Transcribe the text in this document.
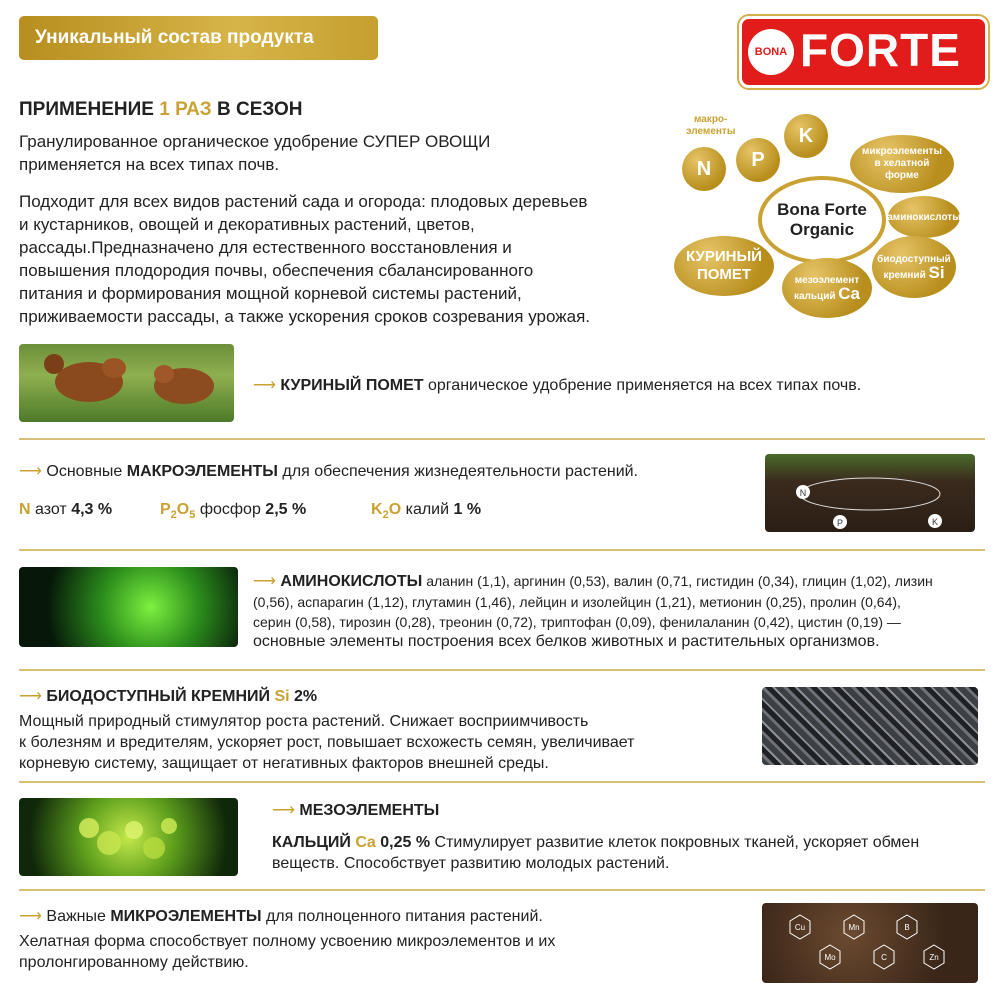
Уникальный состав продукта
BONA FORTE
ПРИМЕНЕНИЕ 1 РАЗ В СЕЗОН
Гранулированное органическое удобрение СУПЕР ОВОЩИ
применяется на всех типах почв.
Подходит для всех видов растений сада и огорода: плодовых деревьев
и кустарников, овощей и декоративных растений, цветов,
рассады.Предназначено для естественного восстановления и
повышения плодородия почвы, обеспечения сбалансированного
питания и формирования мощной корневой системы растений,
приживаемости рассады, а также ускорения сроков созревания урожая.
макро-
элементы
N	P
K
микроэлементы
в хелатной
форме
аминокислоты
Bona Forte
Organic
КУРИНЫЙ
ПОМЕТ	мезоэлемент
кальций Ca
биодоступный
кремний Si
⟶ КУРИНЫЙ ПОМЕТ органическое удобрение применяется на всех типах почв.
⟶ Основные МАКРОЭЛЕМЕНТЫ для обеспечения жизнедеятельности растений.
N азот 4,3 %	$P_2O_5$ фосфор 2,5 %	$K_2O$ калий 1 %
N
P	K
⟶ АМИНОКИСЛОТЫ аланин (1,1), аргинин (0,53), валин (0,71, гистидин (0,34), глицин (1,02), лизин
(0,56), аспарагин (1,12), глутамин (1,46), лейцин и изолейцин (1,21), метионин (0,25), пролин (0,64),
серин (0,58), тирозин (0,28), треонин (0,72), триптофан (0,09), фенилаланин (0,42), цистин (0,19) —
основные элементы построения всех белков животных и растительных организмов.
⟶ БИОДОСТУПНЫЙ КРЕМНИЙ Si 2%
Мощный природный стимулятор роста растений. Снижает восприимчивость
к болезням и вредителям, ускоряет рост, повышает всхожесть семян, увеличивает
корневую систему, защищает от негативных факторов внешней среды.
⟶ МЕЗОЭЛЕМЕНТЫ
КАЛЬЦИЙ Ca 0,25 % Стимулирует развитие клеток покровных тканей, ускоряет обмен
веществ. Способствует развитию молодых растений.
⟶ Важные МИКРОЭЛЕМЕНТЫ для полноценного питания растений.
Хелатная форма способствует полному усвоению микроэлементов и их
пролонгированному действию.
Cu	Mn	B
Mo	C	Zn
